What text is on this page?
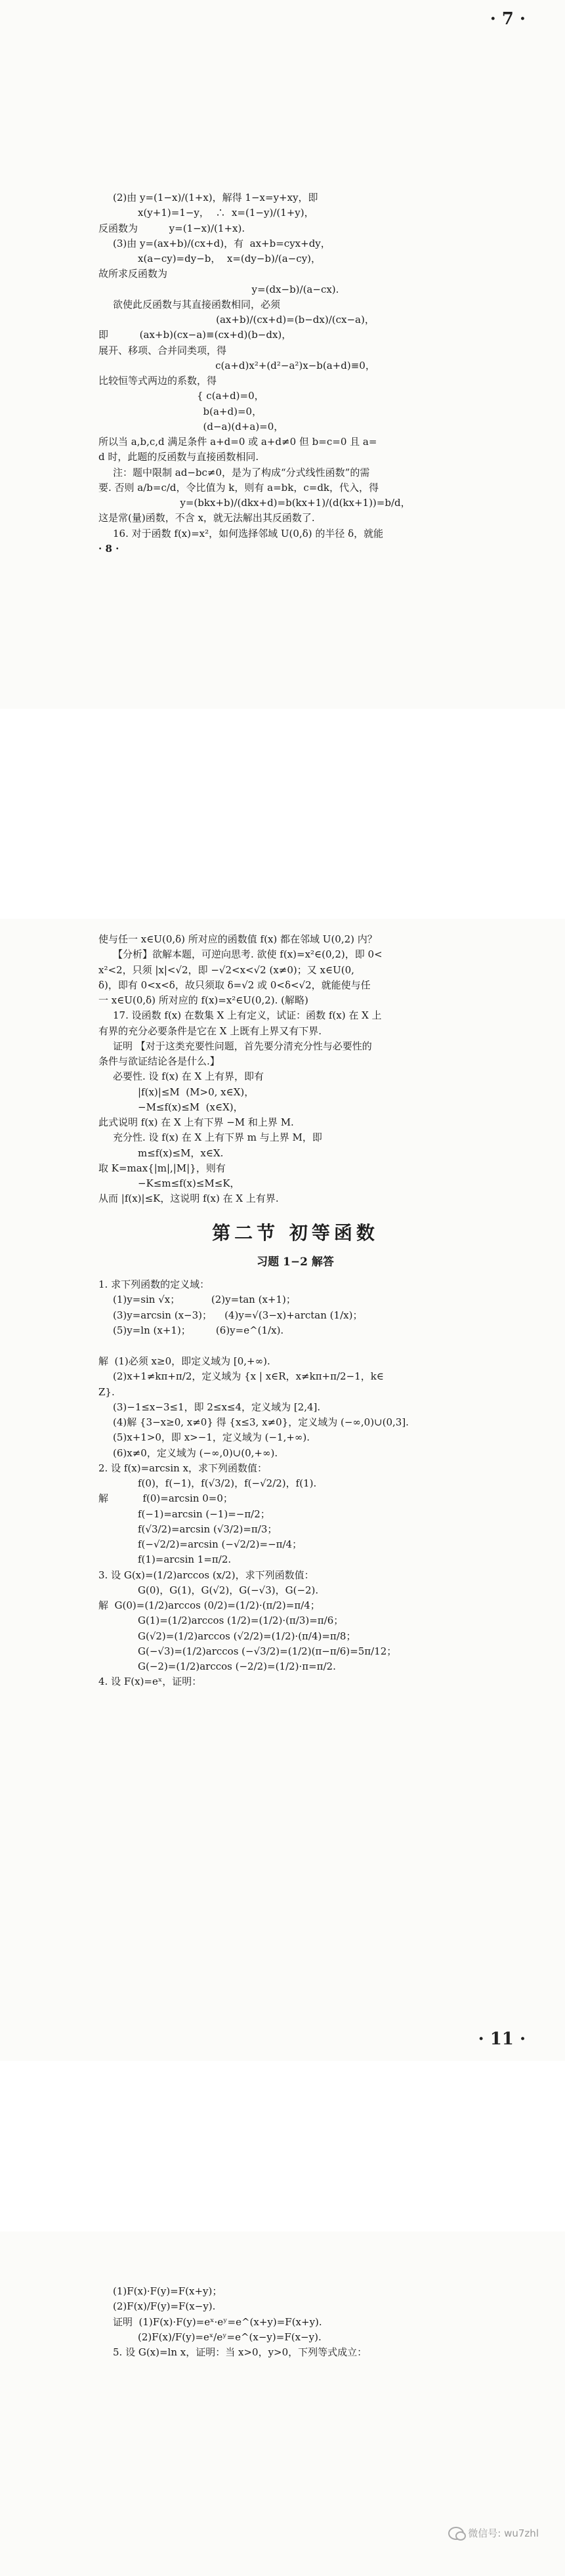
· 7 ·

(2)由 y=(1−x)/(1+x)，解得 1−x=y+xy，即

x(y+1)=1−y，  ∴  x=(1−y)/(1+y)，

反函数为          y=(1−x)/(1+x).

(3)由 y=(ax+b)/(cx+d)，有  ax+b=cyx+dy，

x(a−cy)=dy−b，  x=(dy−b)/(a−cy)，

故所求反函数为

y=(dx−b)/(a−cx).

欲使此反函数与其直接函数相同，必须

(ax+b)/(cx+d)=(b−dx)/(cx−a)，

即          (ax+b)(cx−a)≡(cx+d)(b−dx)，

展开、移项、合并同类项，得

c(a+d)x²+(d²−a²)x−b(a+d)≡0，

比较恒等式两边的系数，得

{ c(a+d)=0，

b(a+d)=0，

(d−a)(d+a)=0，

所以当 a,b,c,d 满足条件 a+d=0 或 a+d≠0 但 b=c=0 且 a=

d 时，此题的反函数与直接函数相同.

注：题中限制 ad−bc≠0，是为了构成“分式线性函数”的需

要. 否则 a/b=c/d，令比值为 k，则有 a=bk，c=dk，代入，得

y=(bkx+b)/(dkx+d)=b(kx+1)/(d(kx+1))=b/d，

这是常(量)函数，不含 x，就无法解出其反函数了.

16. 对于函数 f(x)=x²，如何选择邻域 U(0,δ) 的半径 δ，就能

· 8 ·

使与任一 x∈U(0,δ) 所对应的函数值 f(x) 都在邻域 U(0,2) 内？

【分析】欲解本题，可逆向思考. 欲使 f(x)=x²∈(0,2)，即 0<

x²<2，只须 |x|<√2，即 −√2<x<√2 (x≠0)；又 x∈U(0,

δ)，即有 0<x<δ，故只须取 δ=√2 或 0<δ<√2，就能使与任

一 x∈U(0,δ) 所对应的 f(x)=x²∈U(0,2). (解略)

17. 设函数 f(x) 在数集 X 上有定义，试证：函数 f(x) 在 X 上

有界的充分必要条件是它在 X 上既有上界又有下界.

证明 【对于这类充要性问题，首先要分清充分性与必要性的

条件与欲证结论各是什么.】

必要性. 设 f(x) 在 X 上有界，即有

|f(x)|≤M  (M>0, x∈X)，

−M≤f(x)≤M  (x∈X)，

此式说明 f(x) 在 X 上有下界 −M 和上界 M.

充分性. 设 f(x) 在 X 上有下界 m 与上界 M，即

m≤f(x)≤M，x∈X.

取 K=max{|m|,|M|}，则有

−K≤m≤f(x)≤M≤K，

从而 |f(x)|≤K，这说明 f(x) 在 X 上有界.

第二节 初等函数
习题 1−2 解答

1. 求下列函数的定义域：

(1)y=sin √x；          (2)y=tan (x+1)；

(3)y=arcsin (x−3)；    (4)y=√(3−x)+arctan (1/x)；

(5)y=ln (x+1)；        (6)y=e^(1/x).

解  (1)必须 x≥0，即定义域为 [0,+∞).

(2)x+1≠kπ+π/2，定义域为 {x | x∈R，x≠kπ+π/2−1，k∈

Z}.

(3)−1≤x−3≤1，即 2≤x≤4，定义域为 [2,4].

(4)解 {3−x≥0, x≠0} 得 {x≤3, x≠0}，定义域为 (−∞,0)∪(0,3].

(5)x+1>0，即 x>−1，定义域为 (−1,+∞).

(6)x≠0，定义域为 (−∞,0)∪(0,+∞).

2. 设 f(x)=arcsin x，求下列函数值：

f(0)，f(−1)，f(√3/2)，f(−√2/2)，f(1).

解           f(0)=arcsin 0=0；

f(−1)=arcsin (−1)=−π/2；

f(√3/2)=arcsin (√3/2)=π/3；

f(−√2/2)=arcsin (−√2/2)=−π/4；

f(1)=arcsin 1=π/2.

3. 设 G(x)=(1/2)arccos (x/2)，求下列函数值：

G(0)，G(1)，G(√2)，G(−√3)，G(−2).

解  G(0)=(1/2)arccos (0/2)=(1/2)·(π/2)=π/4；

G(1)=(1/2)arccos (1/2)=(1/2)·(π/3)=π/6；

G(√2)=(1/2)arccos (√2/2)=(1/2)·(π/4)=π/8；

G(−√3)=(1/2)arccos (−√3/2)=(1/2)(π−π/6)=5π/12；

G(−2)=(1/2)arccos (−2/2)=(1/2)·π=π/2.

4. 设 F(x)=eˣ，证明：

· 11 ·

(1)F(x)·F(y)=F(x+y)；

(2)F(x)/F(y)=F(x−y).

证明  (1)F(x)·F(y)=eˣ·eʸ=e^(x+y)=F(x+y).

(2)F(x)/F(y)=eˣ/eʸ=e^(x−y)=F(x−y).

5. 设 G(x)=ln x，证明：当 x>0，y>0，下列等式成立：

微信号: wu7zhl
